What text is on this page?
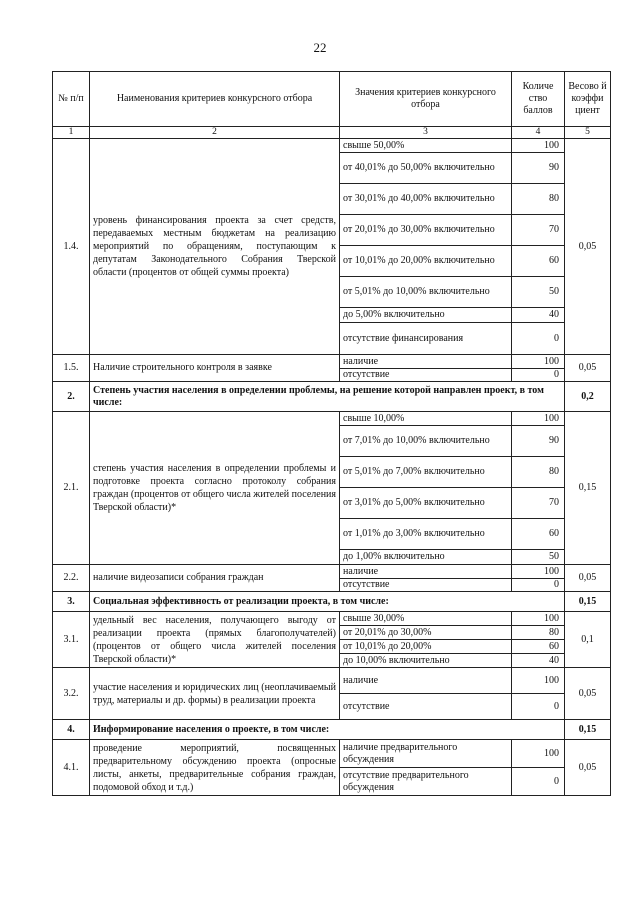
22
№ п/п	Наименования критериев конкурсного отбора	Значения критериев конкурсного отбора	Количе ство баллов	Весово й коэффи циент
1	2	3	4	5
1.4.	уровень финансирования проекта за счет средств, передаваемых местным бюджетам на реализацию мероприятий по обращениям, поступающим к депутатам Законодательного Собрания Тверской области (процентов от общей суммы проекта)	свыше 50,00%	100	0,05
		от 40,01% до 50,00% включительно	90	
		от 30,01% до 40,00% включительно	80	
		от 20,01% до 30,00% включительно	70	
		от 10,01% до 20,00% включительно	60	
		от 5,01% до 10,00% включительно	50	
		до 5,00% включительно	40	
		отсутствие финансирования	0	
1.5.	Наличие строительного контроля в заявке	наличие	100	0,05
		отсутствие	0	
2.	Степень участия населения в определении проблемы, на решение которой направлен проект, в том числе:			0,2
2.1.	степень участия населения в определении проблемы и подготовке проекта согласно протоколу собрания граждан (процентов от общего числа жителей поселения Тверской области)*	свыше 10,00%	100	0,15
		от 7,01% до 10,00% включительно	90	
		от 5,01% до 7,00% включительно	80	
		от 3,01% до 5,00% включительно	70	
		от 1,01% до 3,00% включительно	60	
		до 1,00% включительно	50	
2.2.	наличие видеозаписи собрания граждан	наличие	100	0,05
		отсутствие	0	
3.	Социальная эффективность от реализации проекта, в том числе:			0,15
3.1.	удельный вес населения, получающего выгоду от реализации проекта (прямых благополучателей) (процентов от общего числа жителей поселения Тверской области)*	свыше 30,00%	100	0,1
		от 20,01% до 30,00%	80	
		от 10,01% до 20,00%	60	
		до 10,00% включительно	40	
3.2.	участие населения и юридических лиц (неоплачиваемый труд, материалы и др. формы) в реализации проекта	наличие	100	0,05
		отсутствие	0	
4.	Информирование населения о проекте, в том числе:			0,15
4.1.	проведение мероприятий, посвященных предварительному обсуждению проекта (опросные листы, анкеты, предварительные собрания граждан, подомовой обход и т.д.)	наличие предварительного обсуждения	100	0,05
		отсутствие предварительного обсуждения	0	
